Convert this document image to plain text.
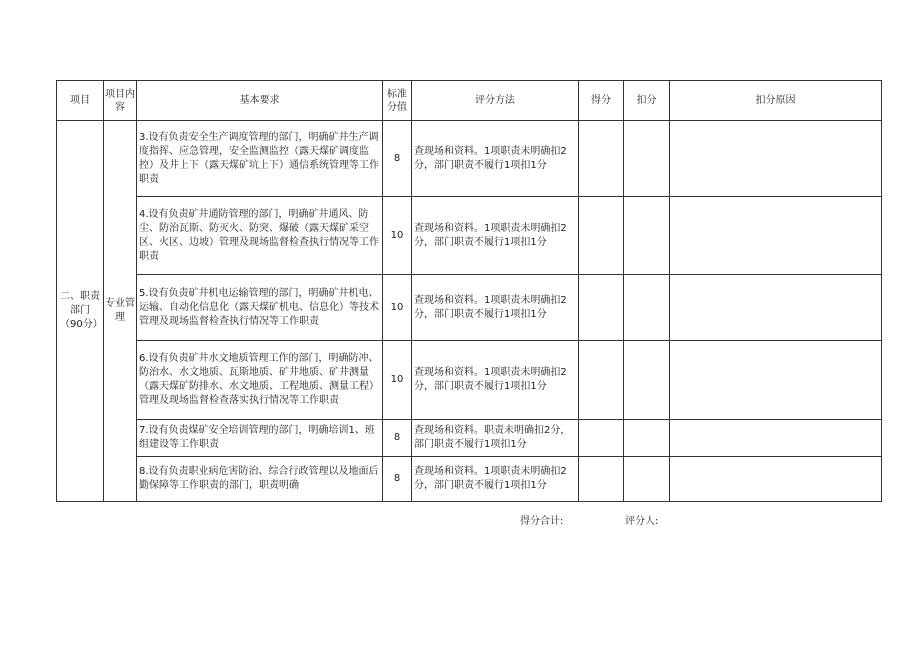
项目	项目内容	基本要求	标准分值	评分方法	得分	扣分	扣分原因
二、职责部门（90分）	专业管理	3.设有负责安全生产调度管理的部门，明确矿井生产调度指挥、应急管理，安全监测监控（露天煤矿调度监控）及井上下（露天煤矿坑上下）通信系统管理等工作职责	8	查现场和资料。1项职责未明确扣2分，部门职责不履行1项扣1分			
		4.设有负责矿井通防管理的部门，明确矿井通风、防尘、防治瓦斯、防灭火、防突、爆破（露天煤矿采空区、火区、边坡）管理及现场监督检查执行情况等工作职责	10	查现场和资料。1项职责未明确扣2分，部门职责不履行1项扣1分			
		5.设有负责矿井机电运输管理的部门，明确矿井机电、运输、自动化信息化（露天煤矿机电、信息化）等技术管理及现场监督检查执行情况等工作职责	10	查现场和资料。1项职责未明确扣2分，部门职责不履行1项扣1分			
		6.设有负责矿井水文地质管理工作的部门，明确防冲、防治水、水文地质、瓦斯地质、矿井地质、矿井测量（露天煤矿防排水、水文地质、工程地质、测量工程）管理及现场监督检查落实执行情况等工作职责	10	查现场和资料。1项职责未明确扣2分，部门职责不履行1项扣1分			
		7.设有负责煤矿安全培训管理的部门，明确培训1、班组建设等工作职责	8	查现场和资料。职责未明确扣2分，部门职责不履行1项扣1分			
		8.设有负责职业病危害防治、综合行政管理以及地面后勤保障等工作职责的部门，职责明确	8	查现场和资料。1项职责未明确扣2分，部门职责不履行1项扣1分			
得分合计:	评分人:
